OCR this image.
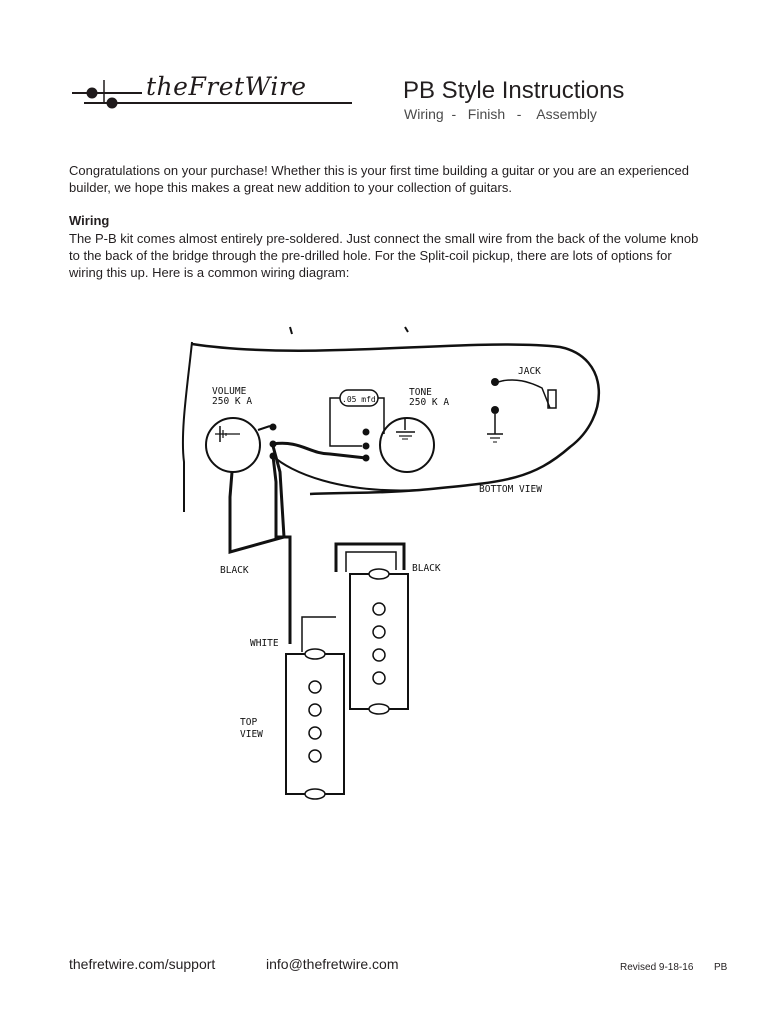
theFretWire	PB Style Instructions
Wiring  -   Finish   -    Assembly
Congratulations on your purchase! Whether this is your first time building a guitar or you are an experienced builder, we hope this makes a great new addition to your collection of guitars.
Wiring
The P-B kit comes almost entirely pre-soldered. Just connect the small wire from the back of the volume knob to the back of the bridge through the pre-drilled hole. For the Split-coil pickup, there are lots of options for wiring this up. Here is a common wiring diagram:
VOLUME
250 K A
TONE
250 K A
.05 mfd
JACK
BOTTOM VIEW
BLACK	BLACK
WHITE
TOP
VIEW
thefretwire.com/support	info@thefretwire.com	Revised 9-18-16 PB
